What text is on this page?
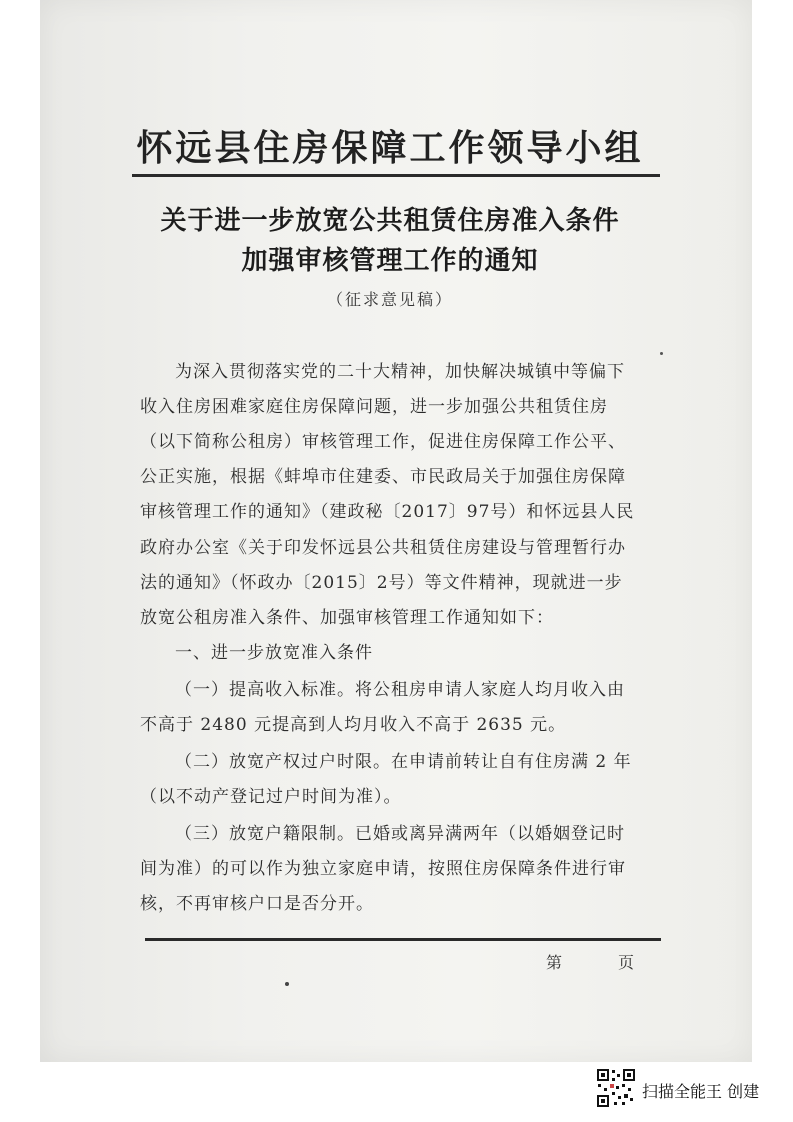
怀远县住房保障工作领导小组
关于进一步放宽公共租赁住房准入条件
加强审核管理工作的通知
（征求意见稿）
为深入贯彻落实党的二十大精神，加快解决城镇中等偏下
收入住房困难家庭住房保障问题，进一步加强公共租赁住房
（以下简称公租房）审核管理工作，促进住房保障工作公平、
公正实施，根据《蚌埠市住建委、市民政局关于加强住房保障
审核管理工作的通知》（建政秘〔2017〕97号）和怀远县人民
政府办公室《关于印发怀远县公共租赁住房建设与管理暂行办
法的通知》（怀政办〔2015〕2号）等文件精神，现就进一步
放宽公租房准入条件、加强审核管理工作通知如下：
一、进一步放宽准入条件
（一）提高收入标准。将公租房申请人家庭人均月收入由
不高于 2480 元提高到人均月收入不高于 2635 元。
（二）放宽产权过户时限。在申请前转让自有住房满 2 年
（以不动产登记过户时间为准）。
（三）放宽户籍限制。已婚或离异满两年（以婚姻登记时
间为准）的可以作为独立家庭申请，按照住房保障条件进行审
核，不再审核户口是否分开。
第	页
扫描全能王 创建
